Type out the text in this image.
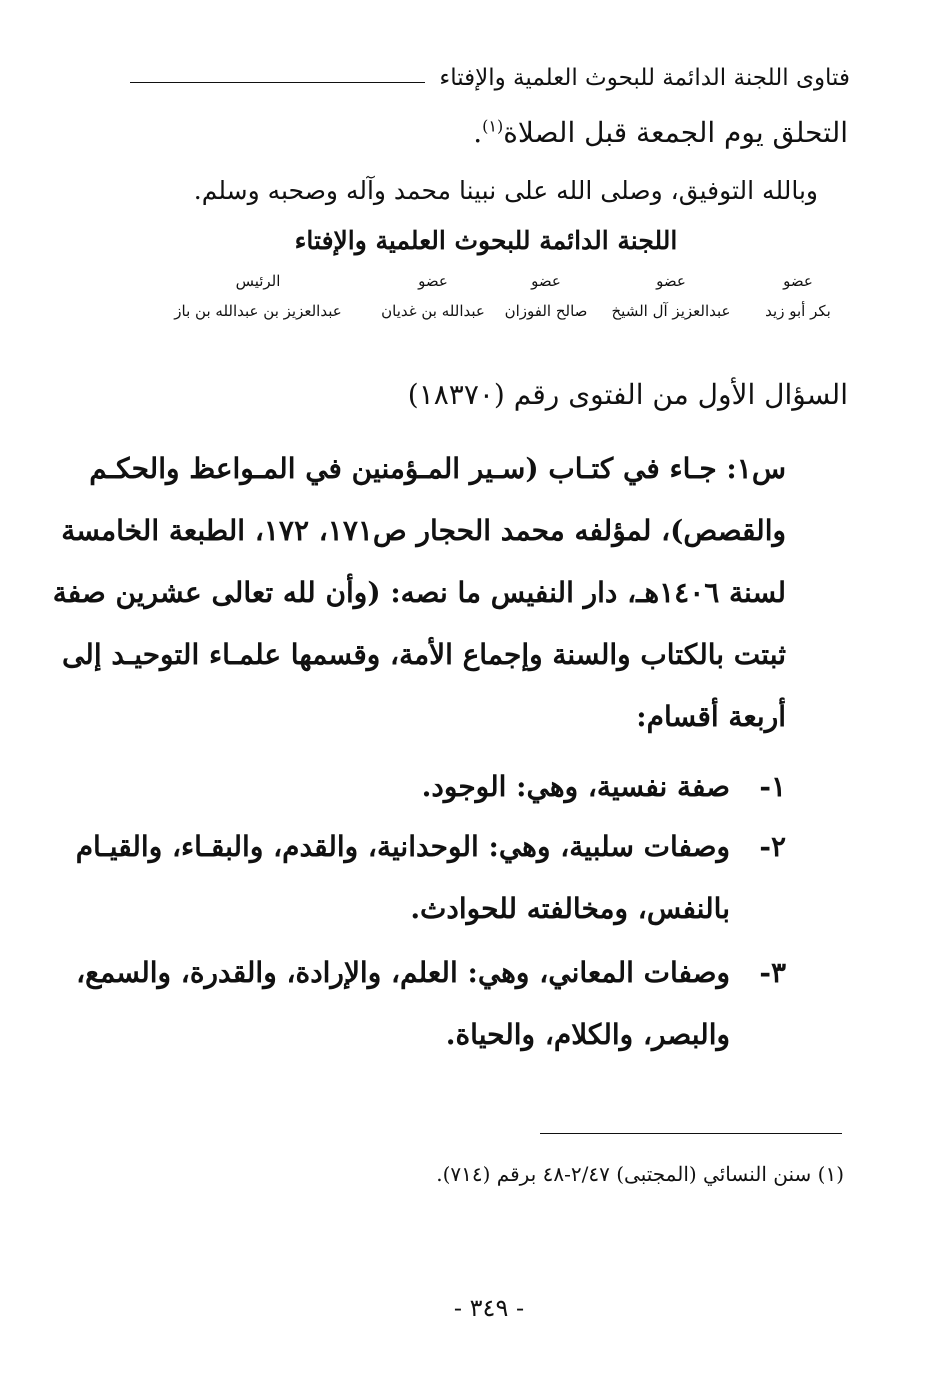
فتاوى اللجنة الدائمة للبحوث العلمية والإفتاء
التحلق يوم الجمعة قبل الصلاة$^{(١)}$.
وبالله التوفيق، وصلى الله على نبينا محمد وآله وصحبه وسلم.
اللجنة الدائمة للبحوث العلمية والإفتاء
عضو
بكر أبو زيد
عضو
عبدالعزيز آل الشيخ
عضو
صالح الفوزان
عضو
عبدالله بن غديان
الرئيس
عبدالعزيز بن عبدالله بن باز
السؤال الأول من الفتوى رقم (١٨٣٧٠)
س١: جـاء في كتـاب (سـير المـؤمنين في المـواعظ والحكـم
والقصص)، لمؤلفه محمد الحجار ص١٧١، ١٧٢، الطبعة الخامسة
لسنة ١٤٠٦هـ، دار النفيس ما نصه: (وأن لله تعالى عشرين صفة
ثبتت بالكتاب والسنة وإجماع الأمة، وقسمها علمـاء التوحيـد إلى
أربعة أقسام:
١-
صفة نفسية، وهي: الوجود.
٢-
وصفات سلبية، وهي: الوحدانية، والقدم، والبقـاء، والقيـام
بالنفس، ومخالفته للحوادث.
٣-
وصفات المعاني، وهي: العلم، والإرادة، والقدرة، والسمع،
والبصر، والكلام، والحياة.
(١) سنن النسائي (المجتبى) ٢/٤٧-٤٨ برقم (٧١٤).
- ٣٤٩ -
